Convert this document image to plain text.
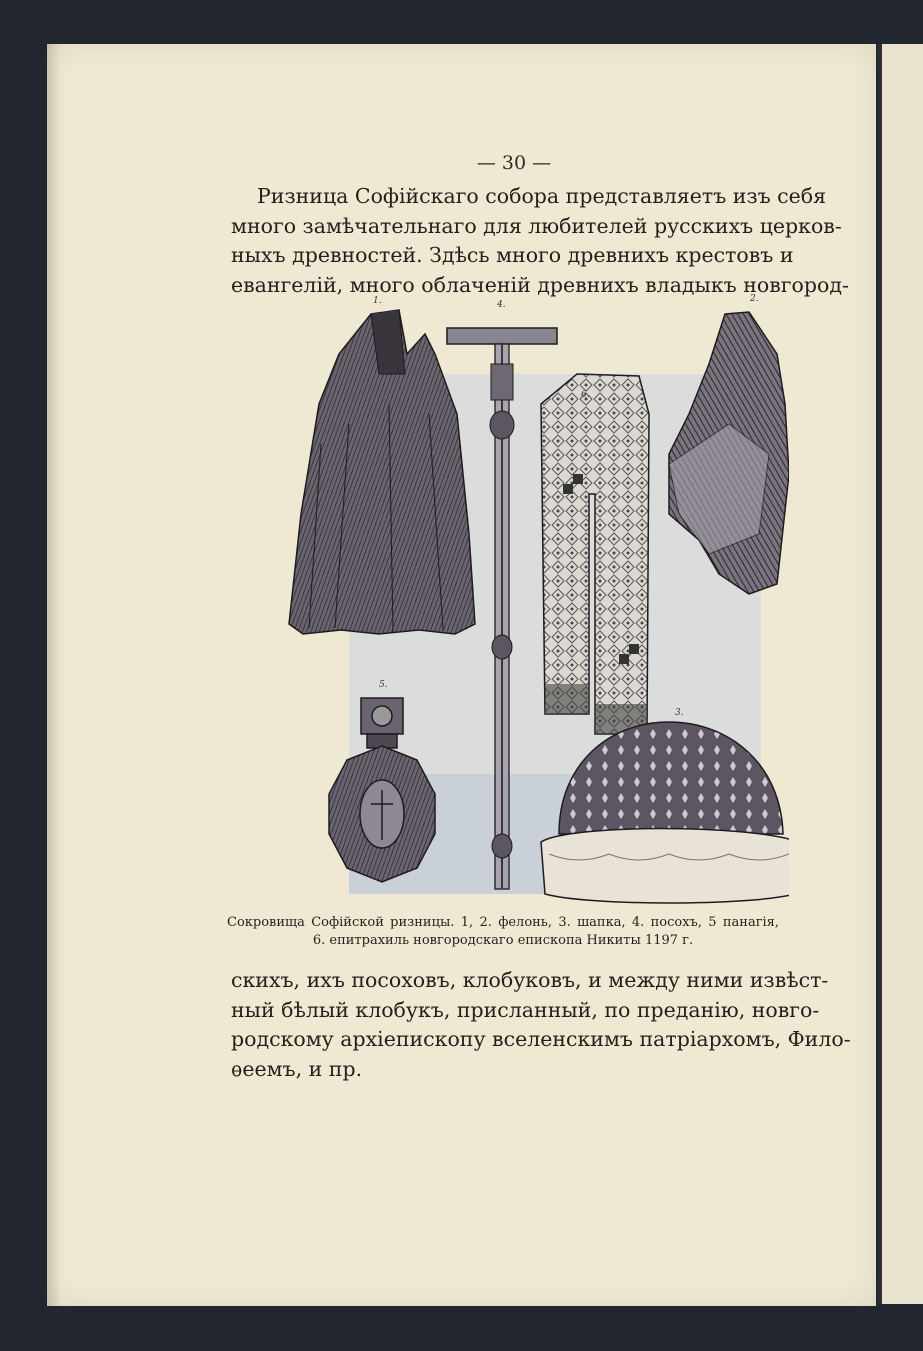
— 30 —
Ризница Софійскаго собора представляетъ изъ себя
много замѣчательнаго для любителей русскихъ церков-
ныхъ древностей. Здѣсь много древнихъ крестовъ и
евангелій, много облаченій древнихъ владыкъ новгород-
1.	4.
6.
2.
5.
3.
Сокровища Софійской ризницы. 1, 2. фелонь, 3. шапка, 4. посохъ, 5 панагія,
6. епитрахиль новгородскаго епископа Никиты 1197 г.
скихъ, ихъ посоховъ, клобуковъ, и между ними извѣст-
ный бѣлый клобукъ, присланный, по преданію, новго-
родскому архіепископу вселенскимъ патріархомъ, Фило-
ѳеемъ, и пр.
